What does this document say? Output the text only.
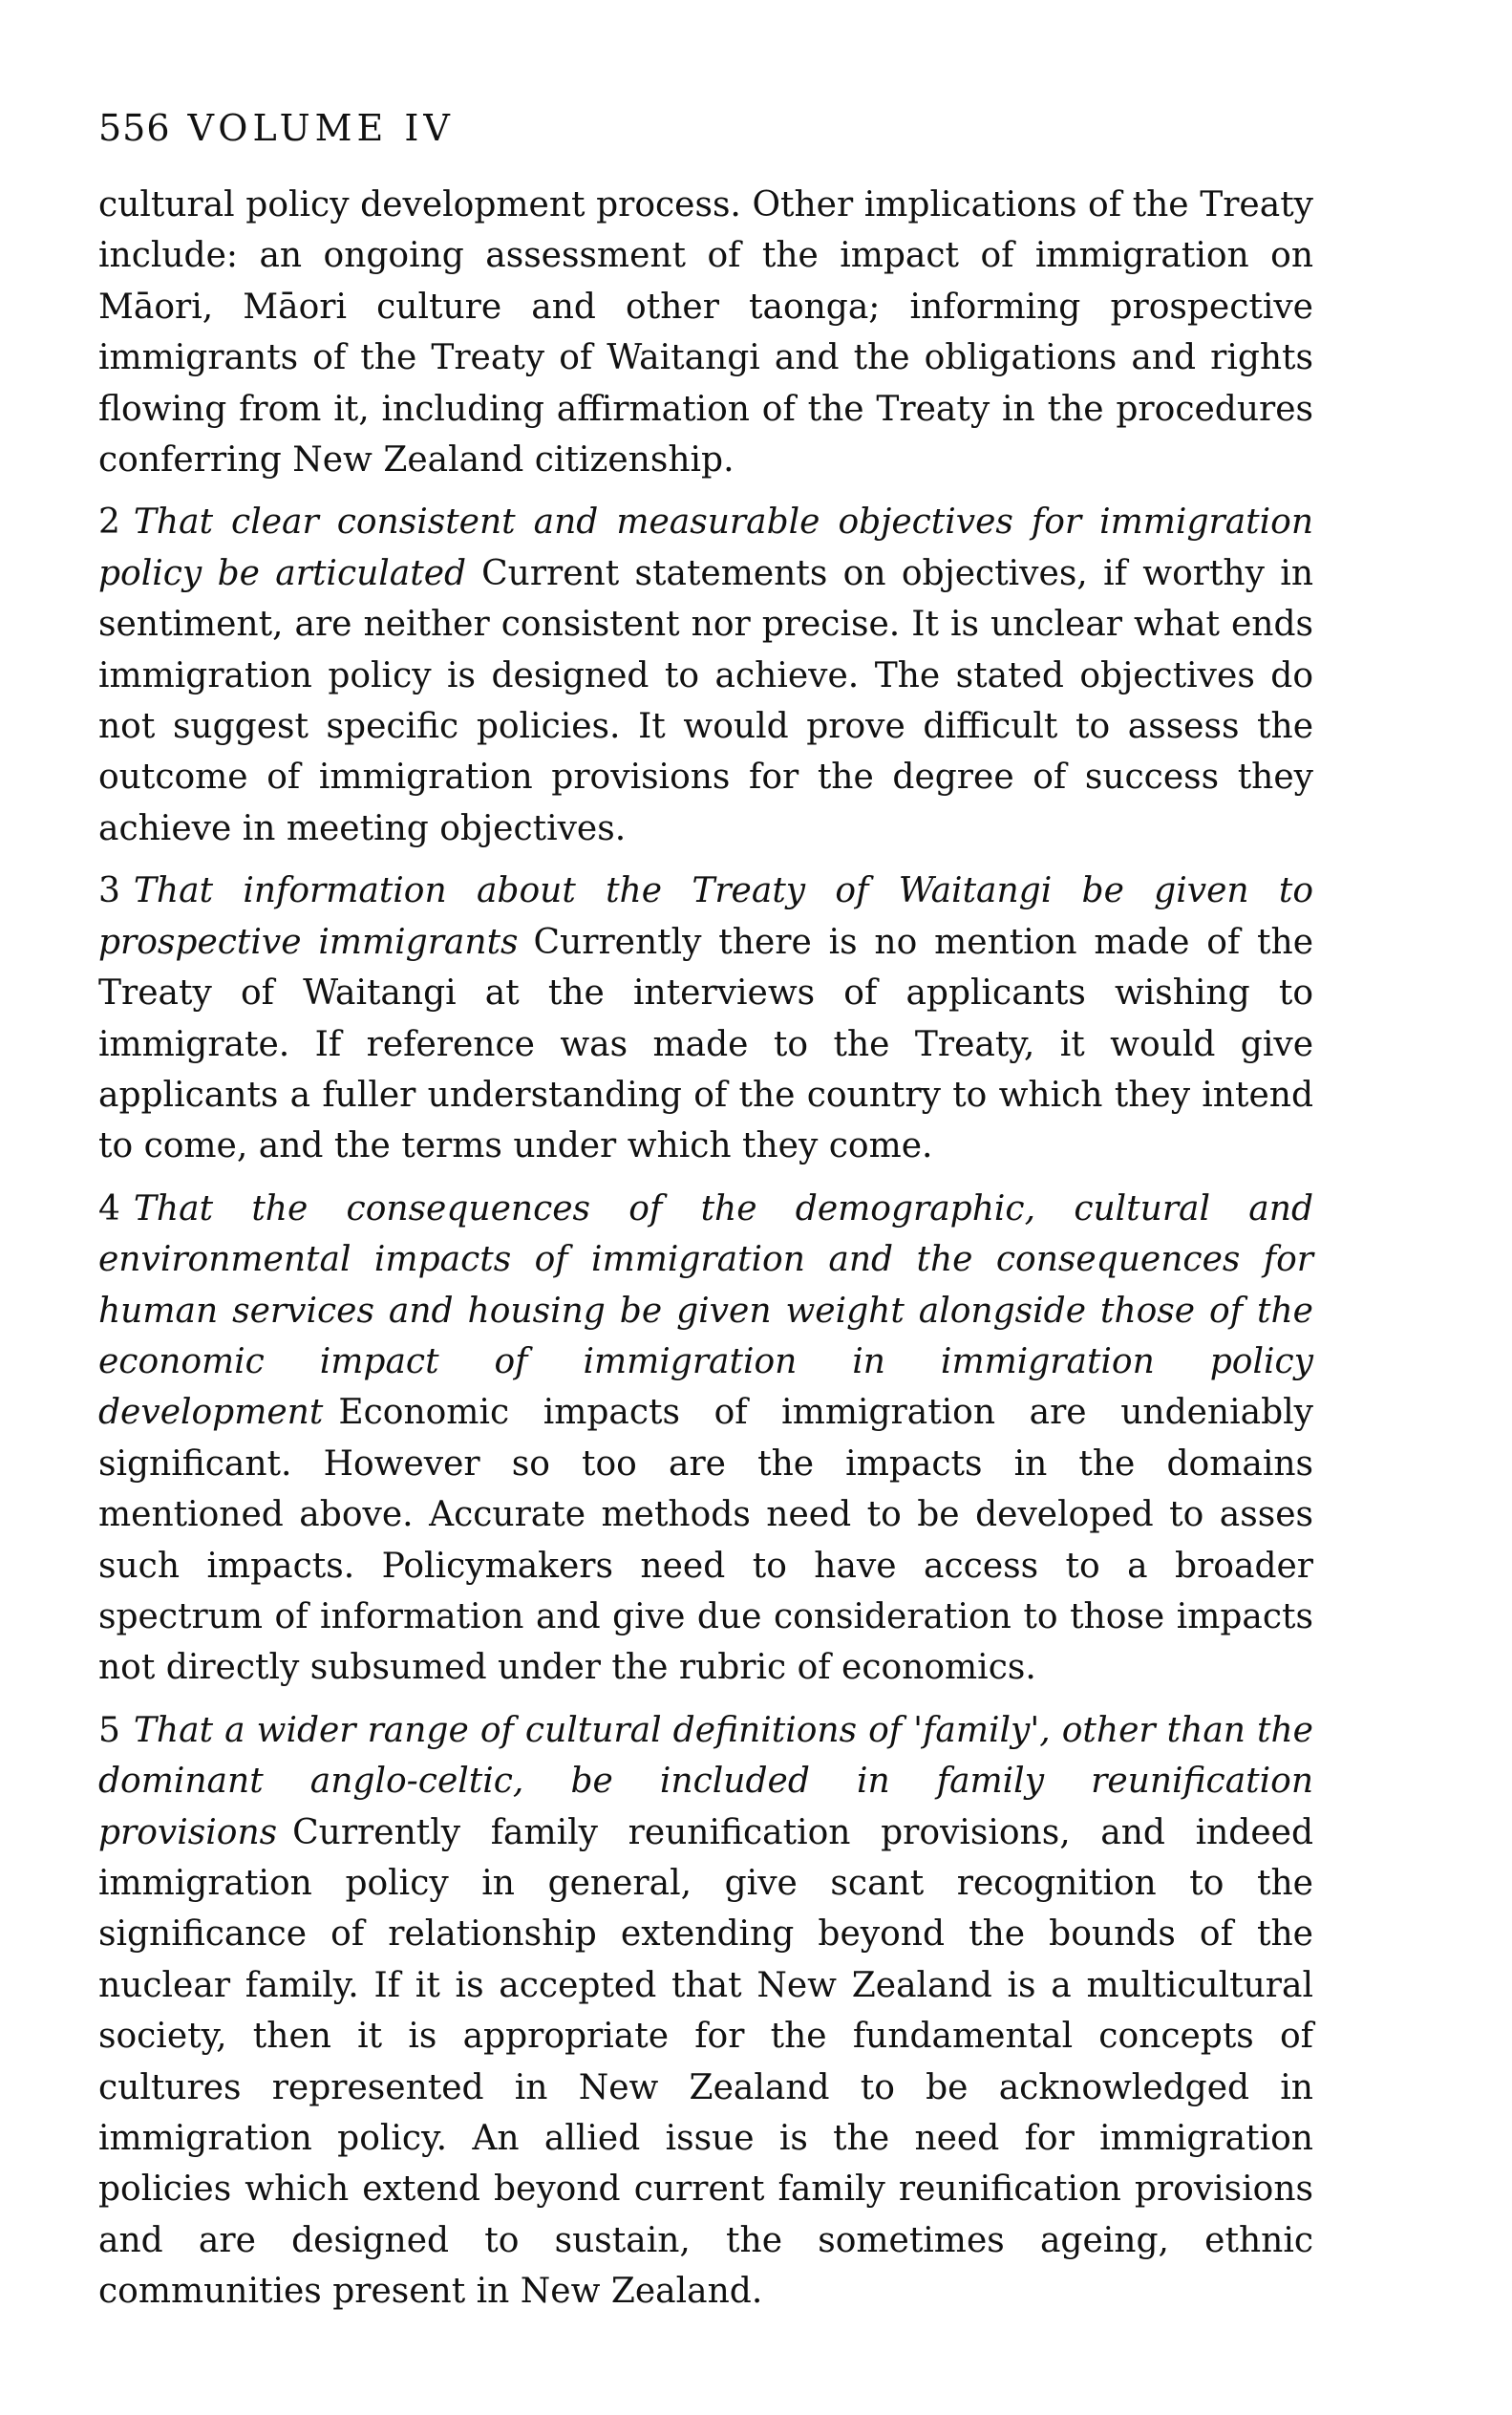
556 VOLUME IV

cultural policy development process. Other implications of the Treaty include: an ongoing assessment of the impact of immigration on Māori, Māori culture and other taonga; informing prospective immigrants of the Treaty of Waitangi and the obligations and rights flowing from it, including affirmation of the Treaty in the procedures conferring New Zealand citizenship.

2 That clear consistent and measurable objectives for immigration policy be articulated Current statements on objectives, if worthy in sentiment, are neither consistent nor precise. It is unclear what ends immigration policy is designed to achieve. The stated objectives do not suggest specific policies. It would prove difficult to assess the outcome of immigration provisions for the degree of success they achieve in meeting objectives.

3 That information about the Treaty of Waitangi be given to prospective immigrants Currently there is no mention made of the Treaty of Waitangi at the interviews of applicants wishing to immigrate. If reference was made to the Treaty, it would give applicants a fuller understanding of the country to which they intend to come, and the terms under which they come.

4 That the consequences of the demographic, cultural and environmental impacts of immigration and the consequences for human services and housing be given weight alongside those of the economic impact of immigration in immigration policy development Economic impacts of immigration are undeniably significant. However so too are the impacts in the domains mentioned above. Accurate methods need to be developed to asses such impacts. Policymakers need to have access to a broader spectrum of information and give due consideration to those impacts not directly subsumed under the rubric of economics.

5 That a wider range of cultural definitions of 'family', other than the dominant anglo-celtic, be included in family reunification provisions Currently family reunification provisions, and indeed immigration policy in general, give scant recognition to the significance of relationship extending beyond the bounds of the nuclear family. If it is accepted that New Zealand is a multicultural society, then it is appropriate for the fundamental concepts of cultures represented in New Zealand to be acknowledged in immigration policy. An allied issue is the need for immigration policies which extend beyond current family reunification provisions and are designed to sustain, the sometimes ageing, ethnic communities present in New Zealand.
